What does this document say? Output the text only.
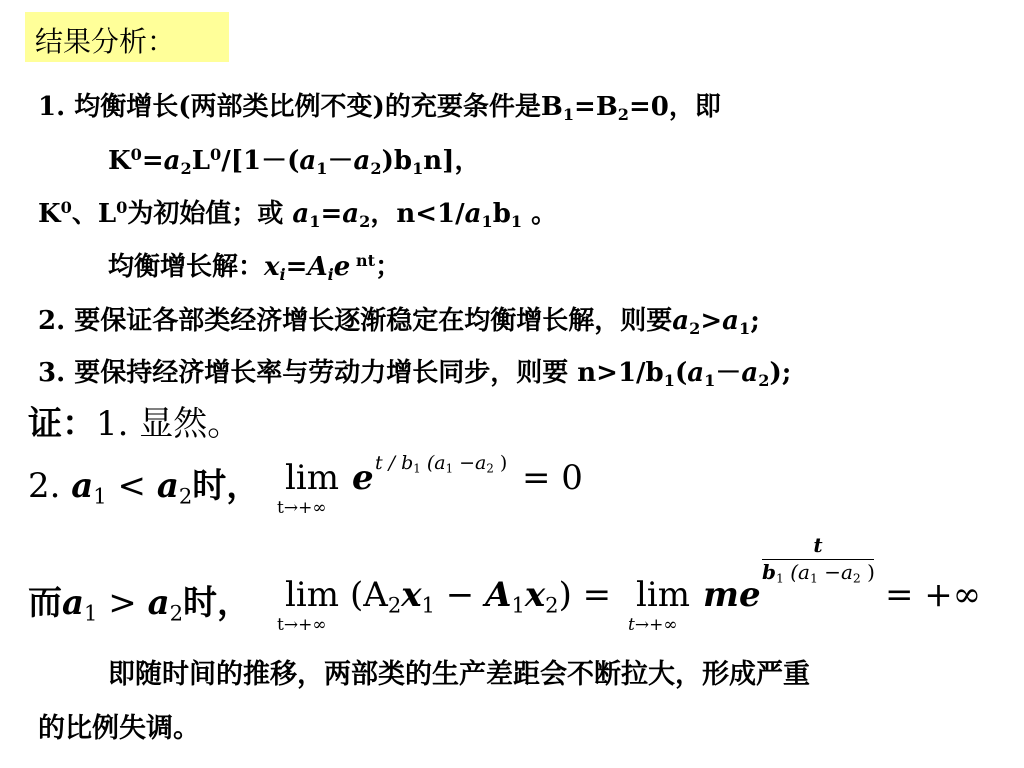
结果分析：
1. 均衡增长(两部类比例不变)的充要条件是$B_1=B_2=0$，即
$K^0=a_2L^0/[1-(a_1-a_2)b_1n]$，
$K^0$、$L^0$为初始值；或 $a_1=a_2$，$n<1/a_1b_1$ 。
均衡增长解：$x_i=A_ie$ $^{nt}$；
2. 要保证各部类经济增长逐渐稳定在均衡增长解，则要$a_2>a_1$;
3. 要保持经济增长率与劳动力增长同步，则要 $n>1/b_1(a_1-a_2)$;
证：1. 显然。
2. $a_1 < a_2$时， lim
t→+∞
e t / $b_1$ ($a_1 -a_2$ ) = 0
而$a_1 > a_2$时， lim
t→+∞
$(A_2x_1 - A_1x_2) = \lim$
t→+∞
me
t
$b_1$ ($a_1 -a_2$ )
= +∞
即随时间的推移，两部类的生产差距会不断拉大，形成严重
的比例失调。
